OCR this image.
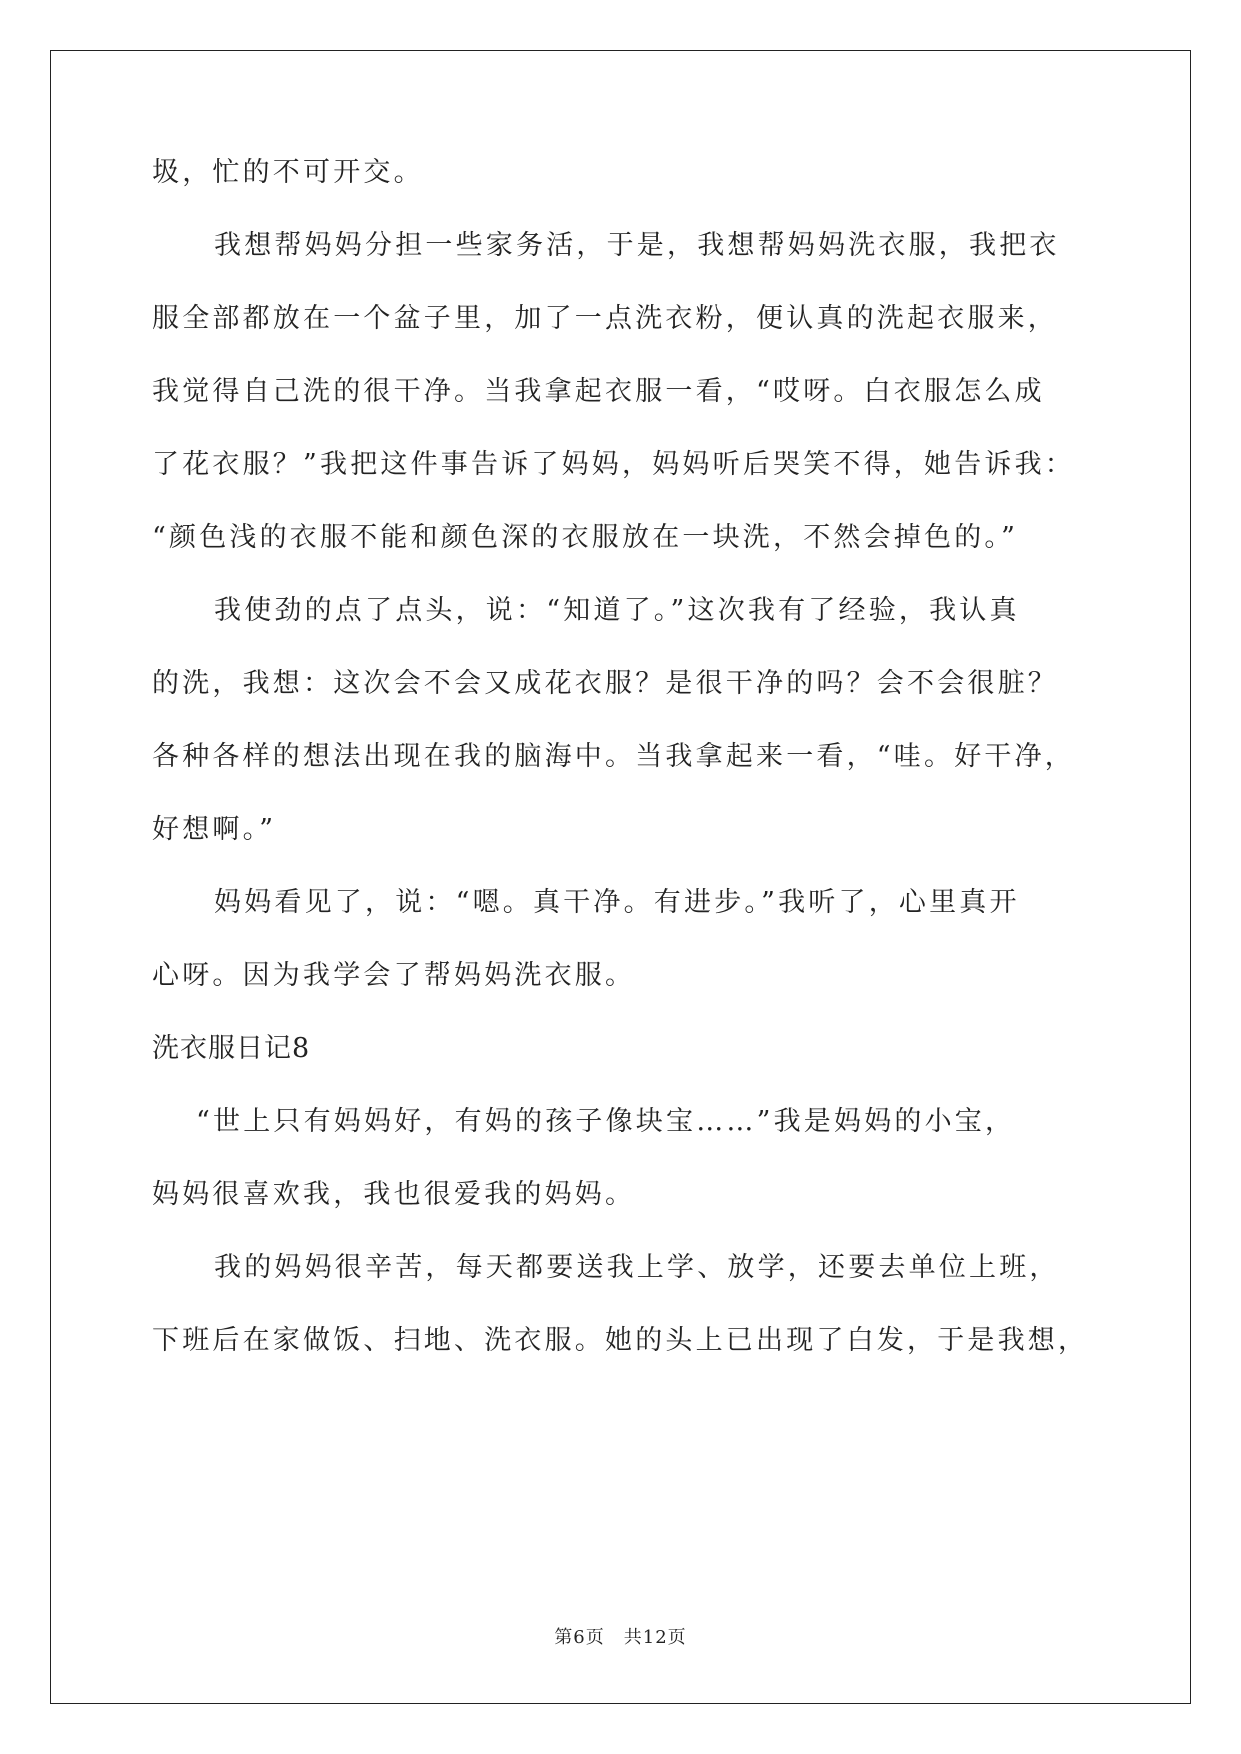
圾，忙的不可开交。
我想帮妈妈分担一些家务活，于是，我想帮妈妈洗衣服，我把衣
服全部都放在一个盆子里，加了一点洗衣粉，便认真的洗起衣服来，
我觉得自己洗的很干净。当我拿起衣服一看，“哎呀。白衣服怎么成
了花衣服？”我把这件事告诉了妈妈，妈妈听后哭笑不得，她告诉我：
“颜色浅的衣服不能和颜色深的衣服放在一块洗，不然会掉色的。”
我使劲的点了点头，说：“知道了。”这次我有了经验，我认真
的洗，我想：这次会不会又成花衣服？是很干净的吗？会不会很脏？
各种各样的想法出现在我的脑海中。当我拿起来一看，“哇。好干净，
好想啊。”
妈妈看见了，说：“嗯。真干净。有进步。”我听了，心里真开
心呀。因为我学会了帮妈妈洗衣服。
洗衣服日记8
“世上只有妈妈好，有妈的孩子像块宝……”我是妈妈的小宝，
妈妈很喜欢我，我也很爱我的妈妈。
我的妈妈很辛苦，每天都要送我上学、放学，还要去单位上班，
下班后在家做饭、扫地、洗衣服。她的头上已出现了白发，于是我想，
第6页　共12页
